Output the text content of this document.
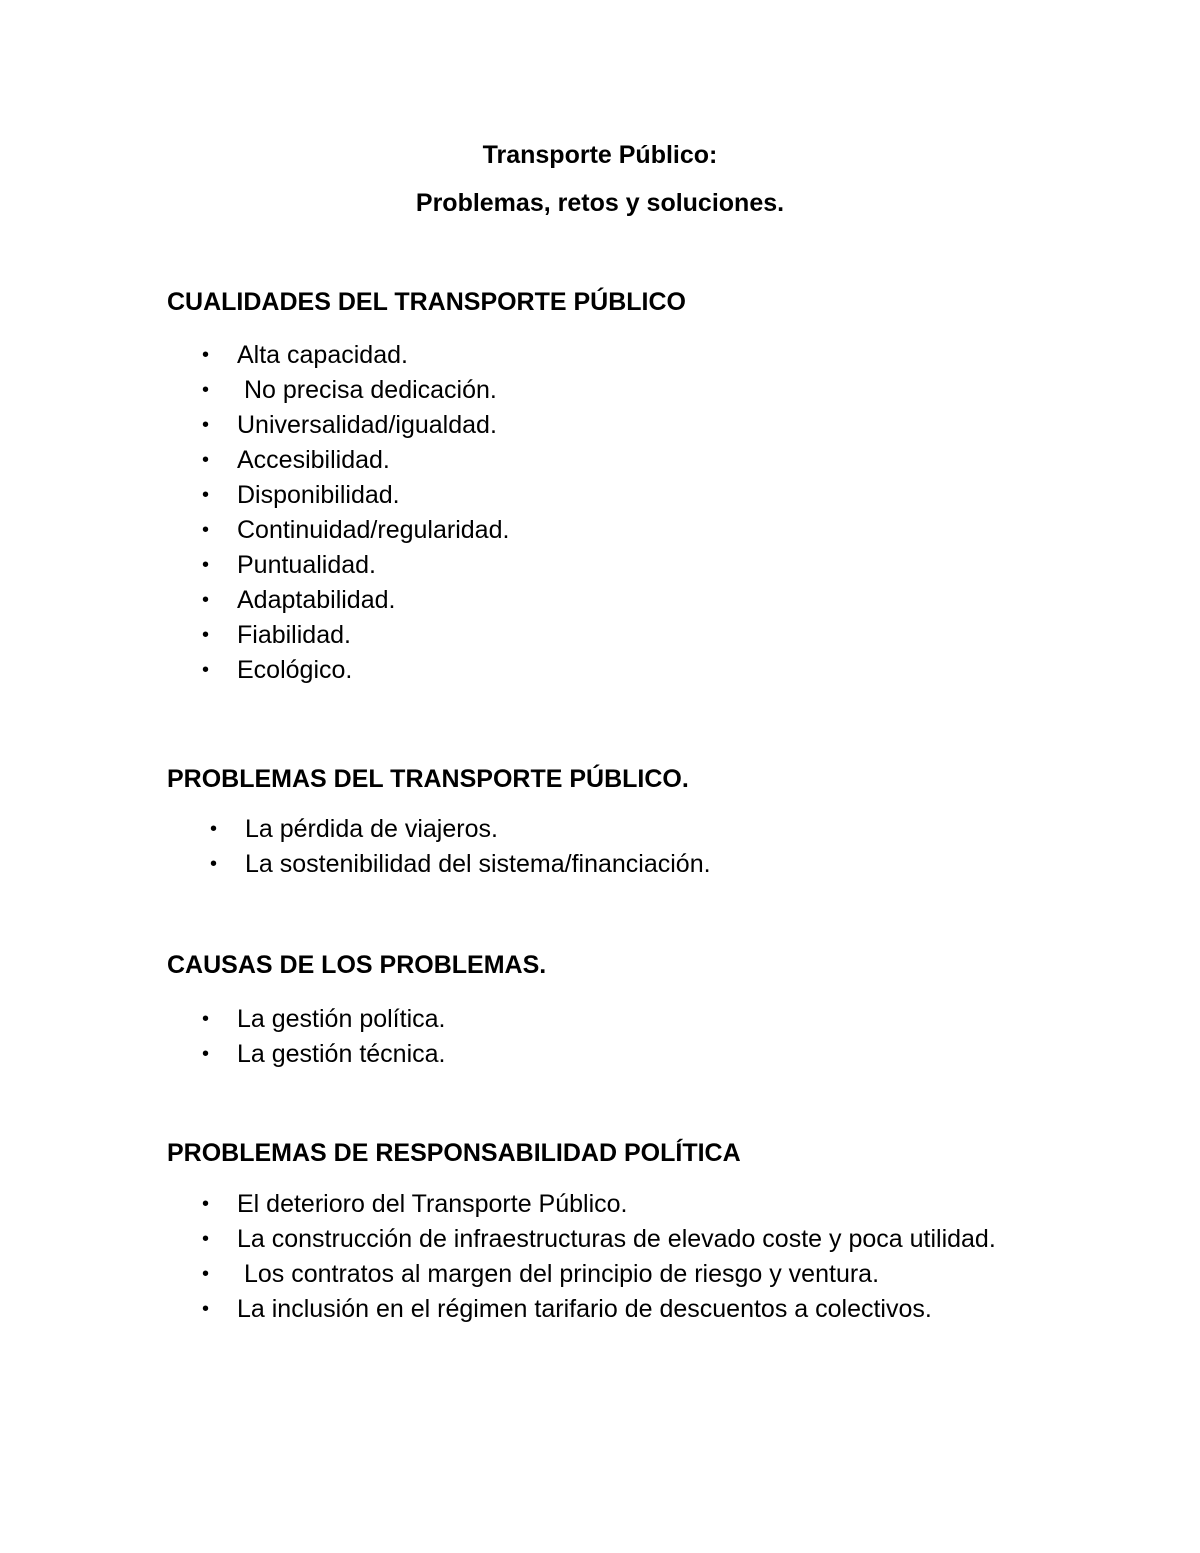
Transporte Público:
Problemas, retos y soluciones.
CUALIDADES DEL TRANSPORTE PÚBLICO
• Alta capacidad.
• No precisa dedicación.
• Universalidad/igualdad.
• Accesibilidad.
• Disponibilidad.
• Continuidad/regularidad.
• Puntualidad.
• Adaptabilidad.
• Fiabilidad.
• Ecológico.
PROBLEMAS DEL TRANSPORTE PÚBLICO.
• La pérdida de viajeros.
• La sostenibilidad del sistema/financiación.
CAUSAS DE LOS PROBLEMAS.
• La gestión política.
• La gestión técnica.
PROBLEMAS DE RESPONSABILIDAD POLÍTICA
• El deterioro del Transporte Público.
• La construcción de infraestructuras de elevado coste y poca utilidad.
• Los contratos al margen del principio de riesgo y ventura.
• La inclusión en el régimen tarifario de descuentos a colectivos.
